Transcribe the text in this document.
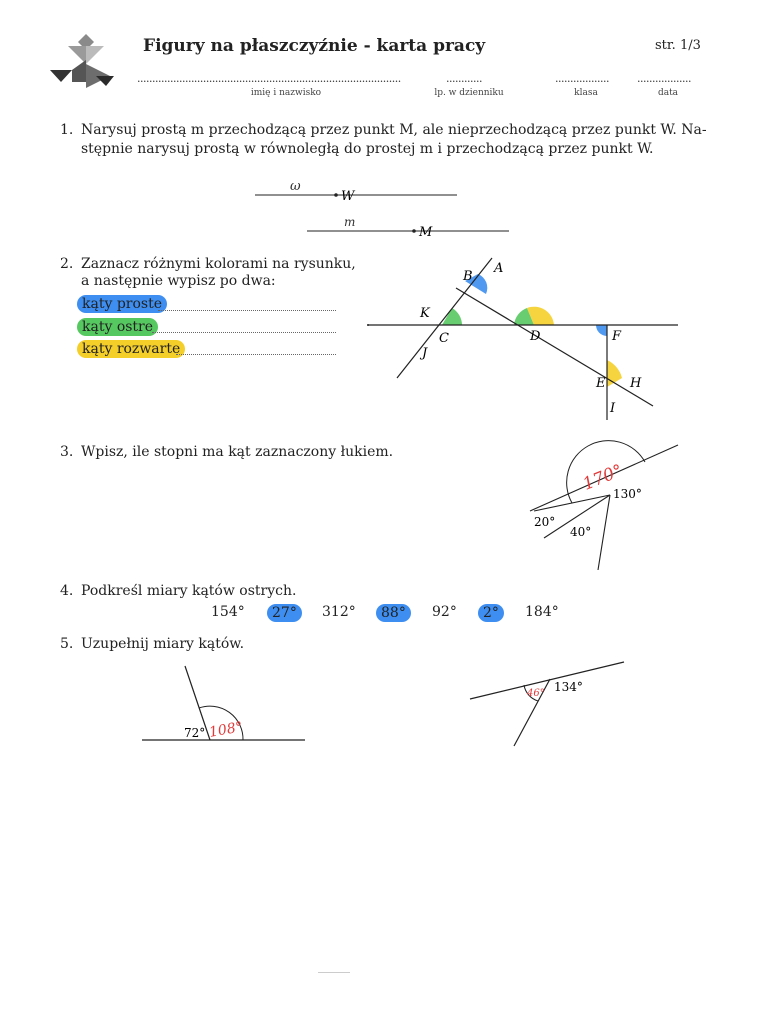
Figury na płaszczyźnie - karta pracy	str. 1/3
........................................................................................
imię i nazwisko
............
lp. w dzienniku
..................
klasa
..................
data
1. Narysuj prostą m przechodzącą przez punkt M, ale nieprzechodzącą przez punkt W. Na-
stępnie narysuj prostą w równoległą do prostej m i przechodzącą przez punkt W.
W
ω
M
m
2. Zaznacz różnymi kolorami na rysunku,
a następnie wypisz po dwa:
kąty proste
kąty ostre
kąty rozwarte
A
B
K
C
J
D	F
E H
I
3. Wpisz, ile stopni ma kąt zaznaczony łukiem.
170°
130°
20°
40°
4. Podkreśl miary kątów ostrych.
154°	27°	312°	88°	92°	2°	184°
5. Uzupełnij miary kątów.
72° 108°
134°
46°
